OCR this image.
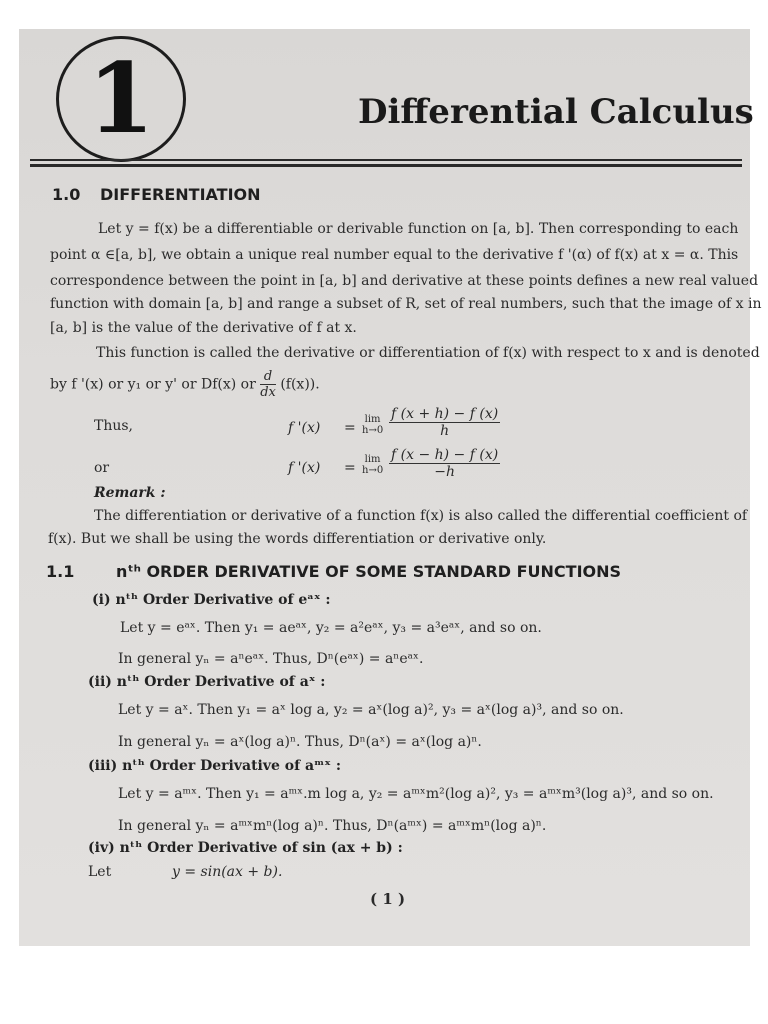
1	Differential Calculus
1.0 DIFFERENTIATION
Let y = f(x) be a differentiable or derivable function on [a, b]. Then corresponding to each
point α ∈[a, b], we obtain a unique real number equal to the derivative f '(α) of f(x) at x = α. This
correspondence between the point in [a, b] and derivative at these points defines a new real valued
function with domain [a, b] and range a subset of R, set of real numbers, such that the image of x in
[a, b] is the value of the derivative of f at x.
This function is called the derivative or differentiation of f(x) with respect to x and is denoted
by f '(x) or y₁ or y' or Df(x) or $\frac{d}{dx} (f(x))$.
Thus,	f '(x) =
lim
$h\to 0 \frac{f (x + h) - f (x)}{h}$
or	f '(x) =
lim
$h\to 0 \frac{f (x - h) - f (x)}{-h}$
Remark :
The differentiation or derivative of a function f(x) is also called the differential coefficient of
f(x). But we shall be using the words differentiation or derivative only.
1.1	nᵗʰ ORDER DERIVATIVE OF SOME STANDARD FUNCTIONS
(i) nᵗʰ Order Derivative of eᵃˣ :
Let y = eᵃˣ. Then y₁ = aeᵃˣ, y₂ = a²eᵃˣ, y₃ = a³eᵃˣ, and so on.
In general yₙ = aⁿeᵃˣ. Thus, Dⁿ(eᵃˣ) = aⁿeᵃˣ.
(ii) nᵗʰ Order Derivative of aˣ :
Let y = aˣ. Then y₁ = aˣ log a, y₂ = aˣ(log a)², y₃ = aˣ(log a)³, and so on.
In general yₙ = aˣ(log a)ⁿ. Thus, Dⁿ(aˣ) = aˣ(log a)ⁿ.
(iii) nᵗʰ Order Derivative of aᵐˣ :
Let y = aᵐˣ. Then y₁ = aᵐˣ.m log a, y₂ = aᵐˣm²(log a)², y₃ = aᵐˣm³(log a)³, and so on.
In general yₙ = aᵐˣmⁿ(log a)ⁿ. Thus, Dⁿ(aᵐˣ) = aᵐˣmⁿ(log a)ⁿ.
(iv) nᵗʰ Order Derivative of sin (ax + b) :
Let	y = sin(ax + b).
( 1 )
